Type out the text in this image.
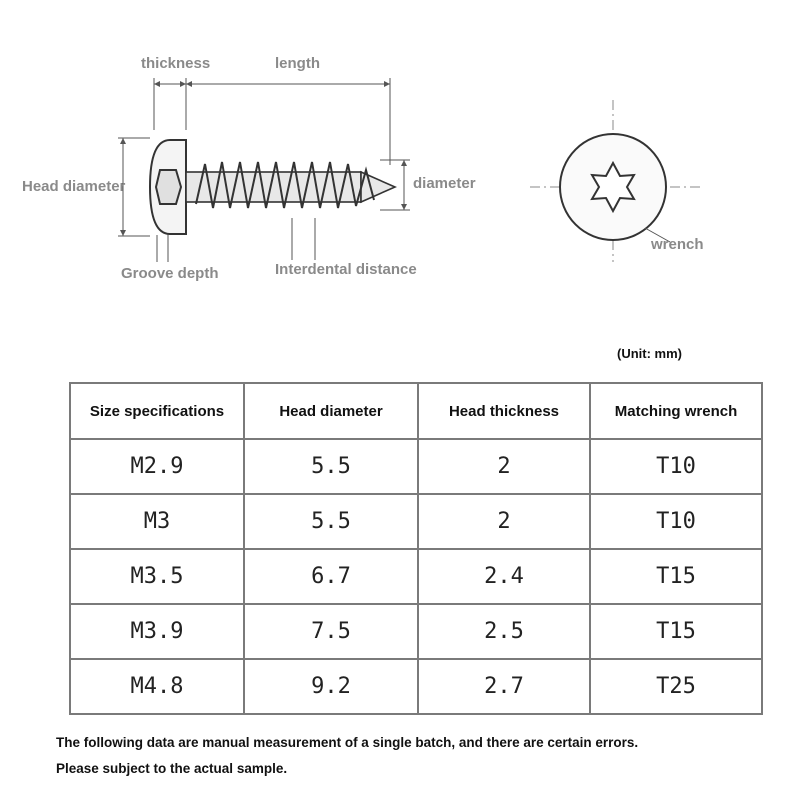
thickness	length
Head diameter	diameter
Groove depth	Interdental distance
wrench
(Unit: mm)
Size specifications	Head diameter	Head thickness	Matching wrench
M2.9	5.5	2	T10
M3	5.5	2	T10
M3.5	6.7	2.4	T15
M3.9	7.5	2.5	T15
M4.8	9.2	2.7	T25
The following data are manual measurement of a single batch, and there are certain errors.
Please subject to the actual sample.
